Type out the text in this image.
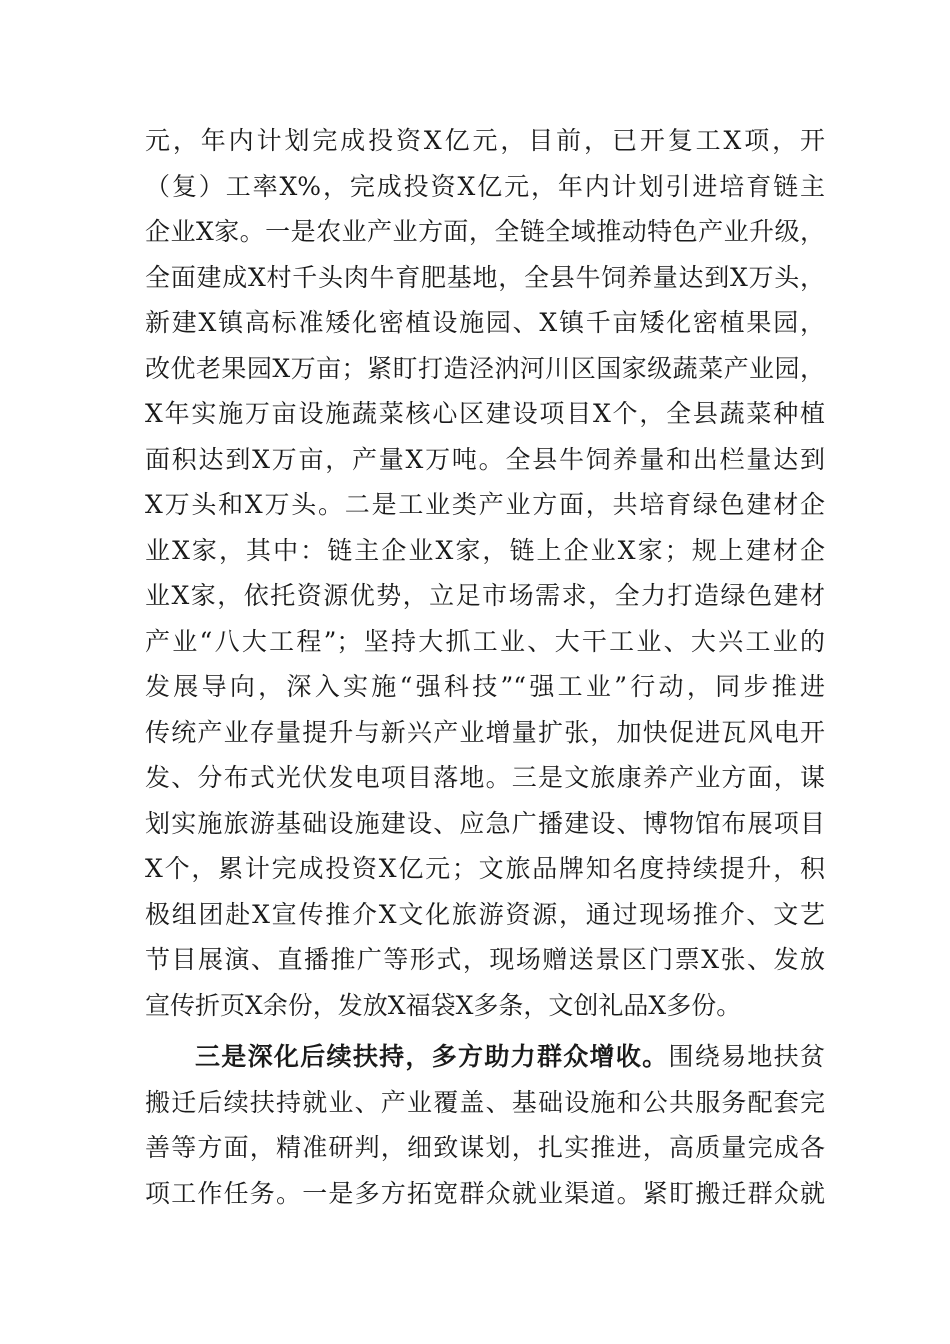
元，年内计划完成投资X亿元，目前，已开复工X项，开
（复）工率X%，完成投资X亿元，年内计划引进培育链主
企业X家。一是农业产业方面，全链全域推动特色产业升级，
全面建成X村千头肉牛育肥基地，全县牛饲养量达到X万头，
新建X镇高标准矮化密植设施园、X镇千亩矮化密植果园，
改优老果园X万亩；紧盯打造泾汭河川区国家级蔬菜产业园，
X年实施万亩设施蔬菜核心区建设项目X个，全县蔬菜种植
面积达到X万亩，产量X万吨。全县牛饲养量和出栏量达到
X万头和X万头。二是工业类产业方面，共培育绿色建材企
业X家，其中：链主企业X家，链上企业X家；规上建材企
业X家，依托资源优势，立足市场需求，全力打造绿色建材
产业“八大工程”；坚持大抓工业、大干工业、大兴工业的
发展导向，深入实施“强科技”“强工业”行动，同步推进
传统产业存量提升与新兴产业增量扩张，加快促进瓦风电开
发、分布式光伏发电项目落地。三是文旅康养产业方面，谋
划实施旅游基础设施建设、应急广播建设、博物馆布展项目
X个，累计完成投资X亿元；文旅品牌知名度持续提升，积
极组团赴X宣传推介X文化旅游资源，通过现场推介、文艺
节目展演、直播推广等形式，现场赠送景区门票X张、发放
宣传折页X余份，发放X福袋X多条，文创礼品X多份。
三是深化后续扶持，多方助力群众增收。围绕易地扶贫
搬迁后续扶持就业、产业覆盖、基础设施和公共服务配套完
善等方面，精准研判，细致谋划，扎实推进，高质量完成各
项工作任务。一是多方拓宽群众就业渠道。紧盯搬迁群众就
